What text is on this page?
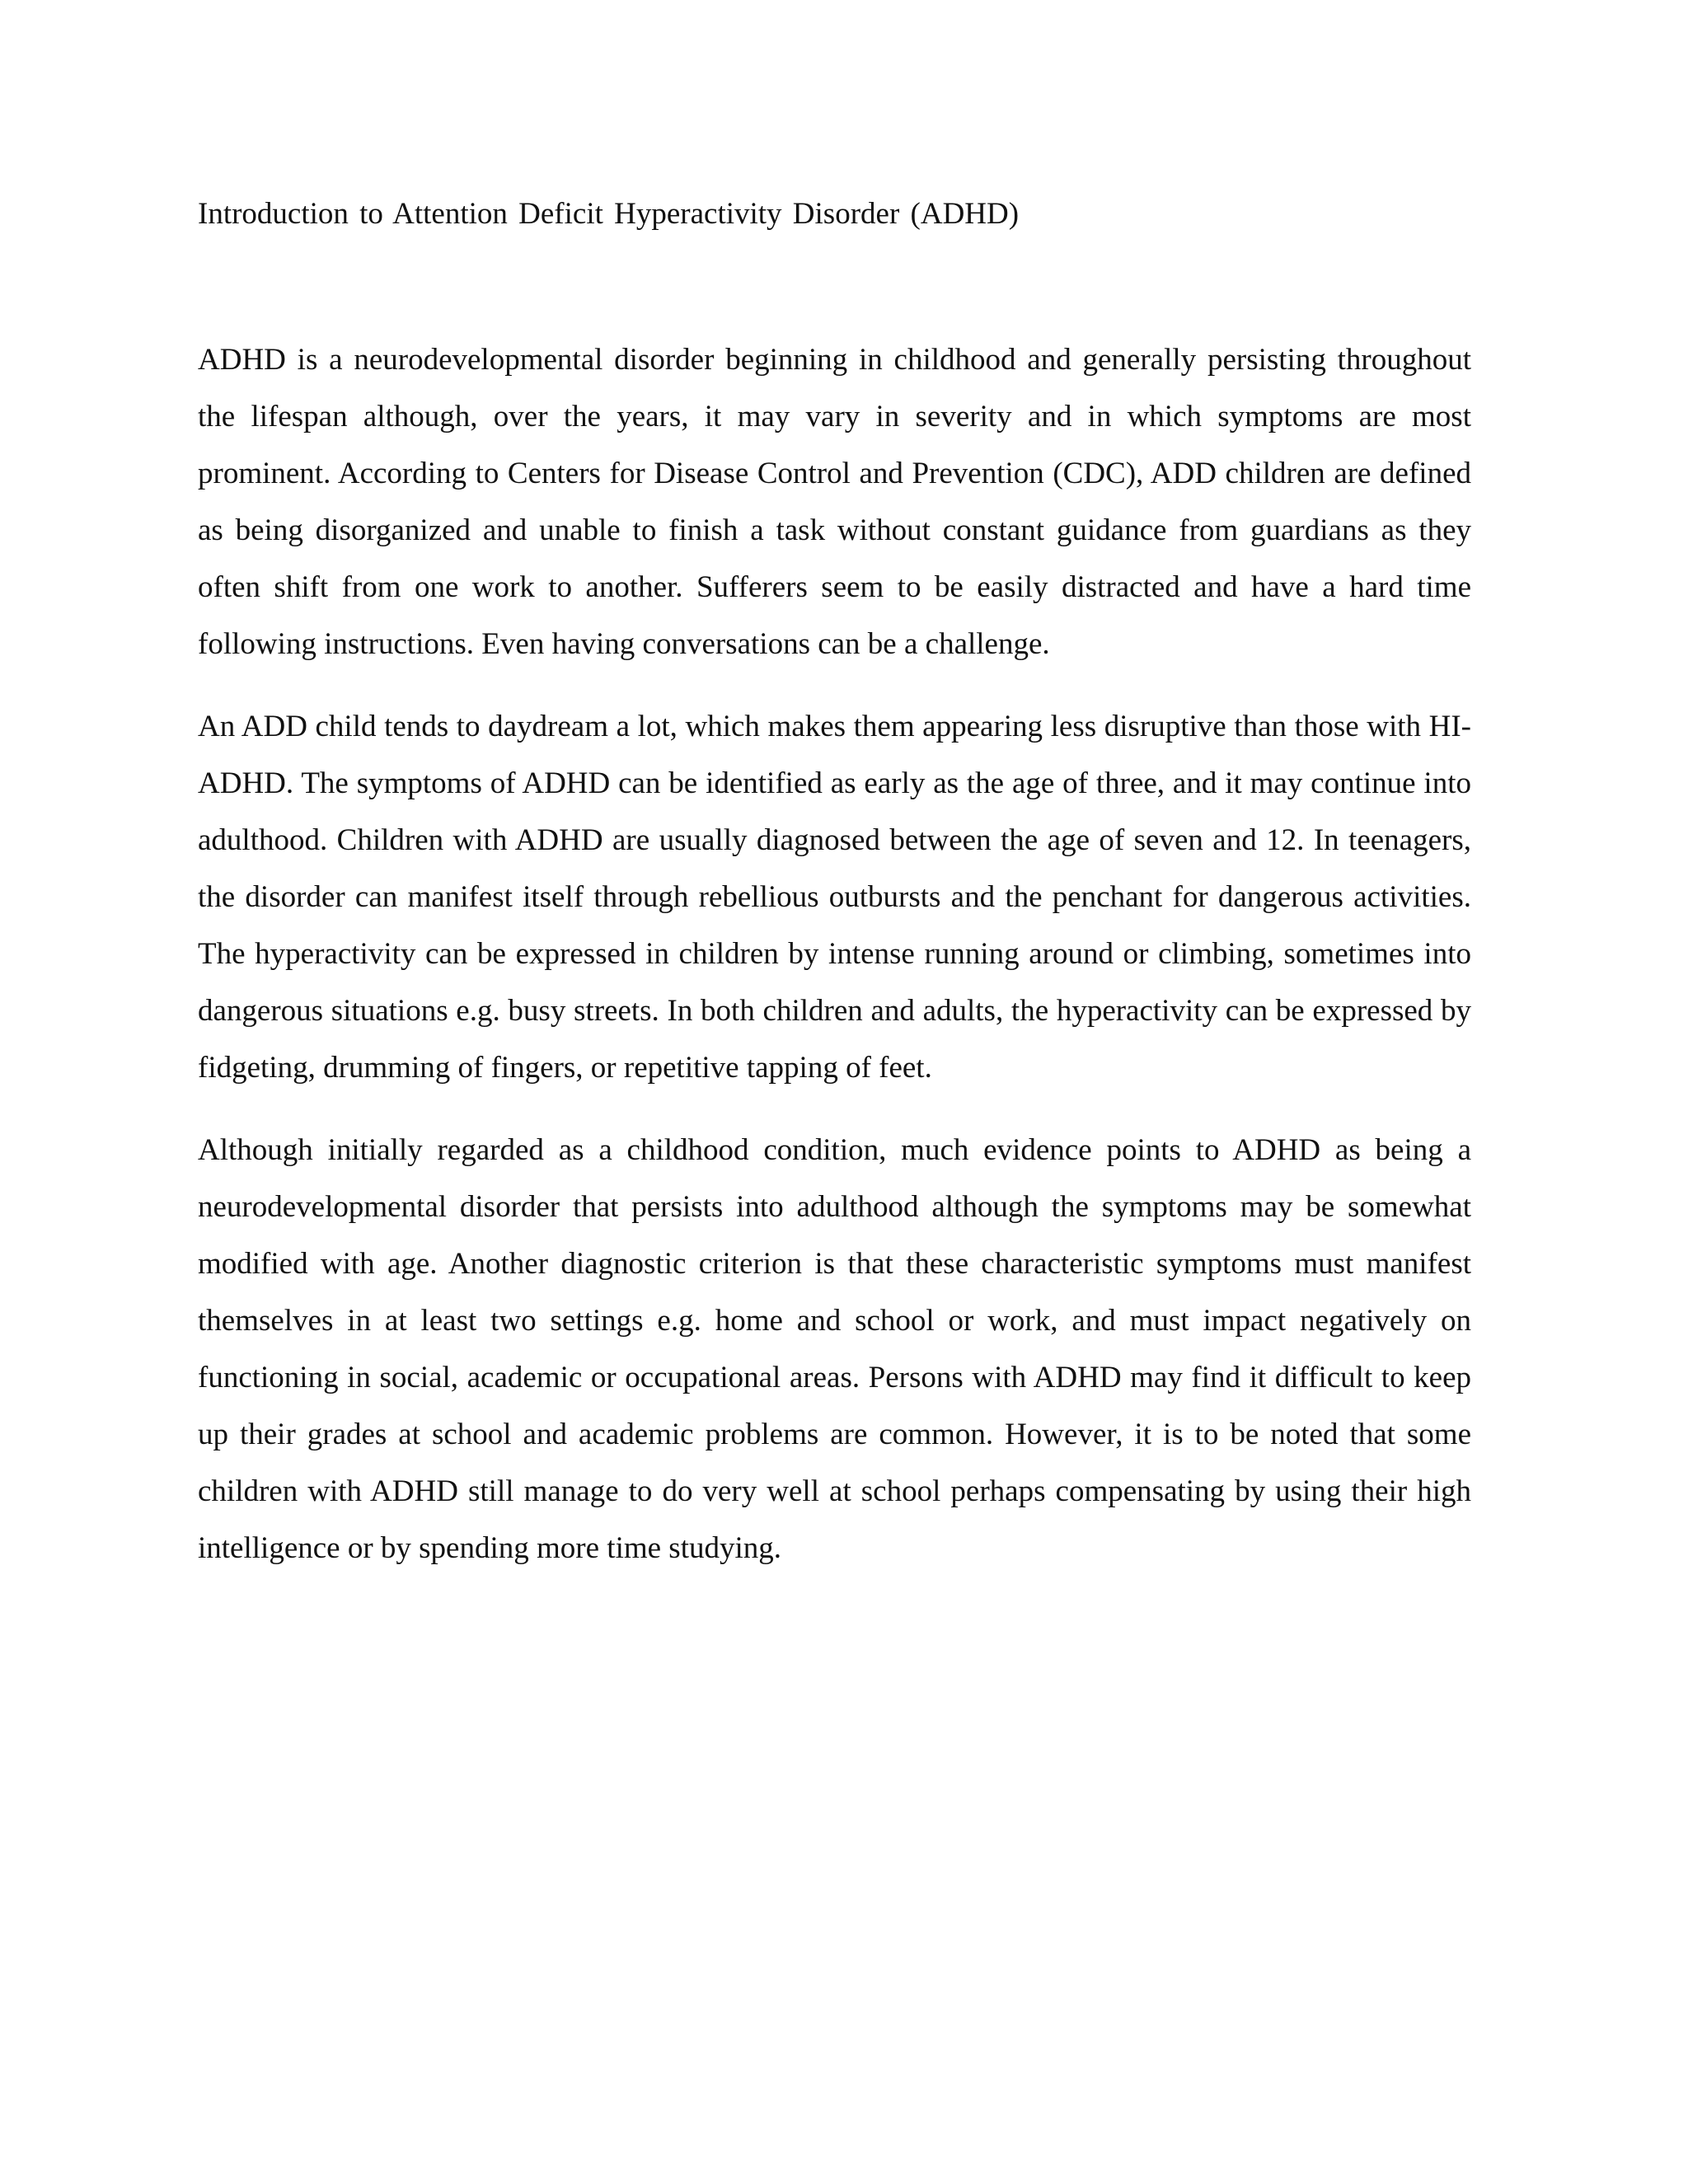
Introduction to Attention Deficit Hyperactivity Disorder (ADHD)

ADHD is a neurodevelopmental disorder beginning in childhood and generally persisting throughout the lifespan although, over the years, it may vary in severity and in which symptoms are most prominent. According to Centers for Disease Control and Prevention (CDC), ADD children are defined as being disorganized and unable to finish a task without constant guidance from guardians as they often shift from one work to another. Sufferers seem to be easily distracted and have a hard time following instructions. Even having conversations can be a challenge.

An ADD child tends to daydream a lot, which makes them appearing less disruptive than those with HI-ADHD. The symptoms of ADHD can be identified as early as the age of three, and it may continue into adulthood. Children with ADHD are usually diagnosed between the age of seven and 12. In teenagers, the disorder can manifest itself through rebellious outbursts and the penchant for dangerous activities. The hyperactivity can be expressed in children by intense running around or climbing, sometimes into dangerous situations e.g. busy streets. In both children and adults, the hyperactivity can be expressed by fidgeting, drumming of fingers, or repetitive tapping of feet.

Although initially regarded as a childhood condition, much evidence points to ADHD as being a neurodevelopmental disorder that persists into adulthood although the symptoms may be somewhat modified with age. Another diagnostic criterion is that these characteristic symptoms must manifest themselves in at least two settings e.g. home and school or work, and must impact negatively on functioning in social, academic or occupational areas. Persons with ADHD may find it difficult to keep up their grades at school and academic problems are common. However, it is to be noted that some children with ADHD still manage to do very well at school perhaps compensating by using their high intelligence or by spending more time studying.
